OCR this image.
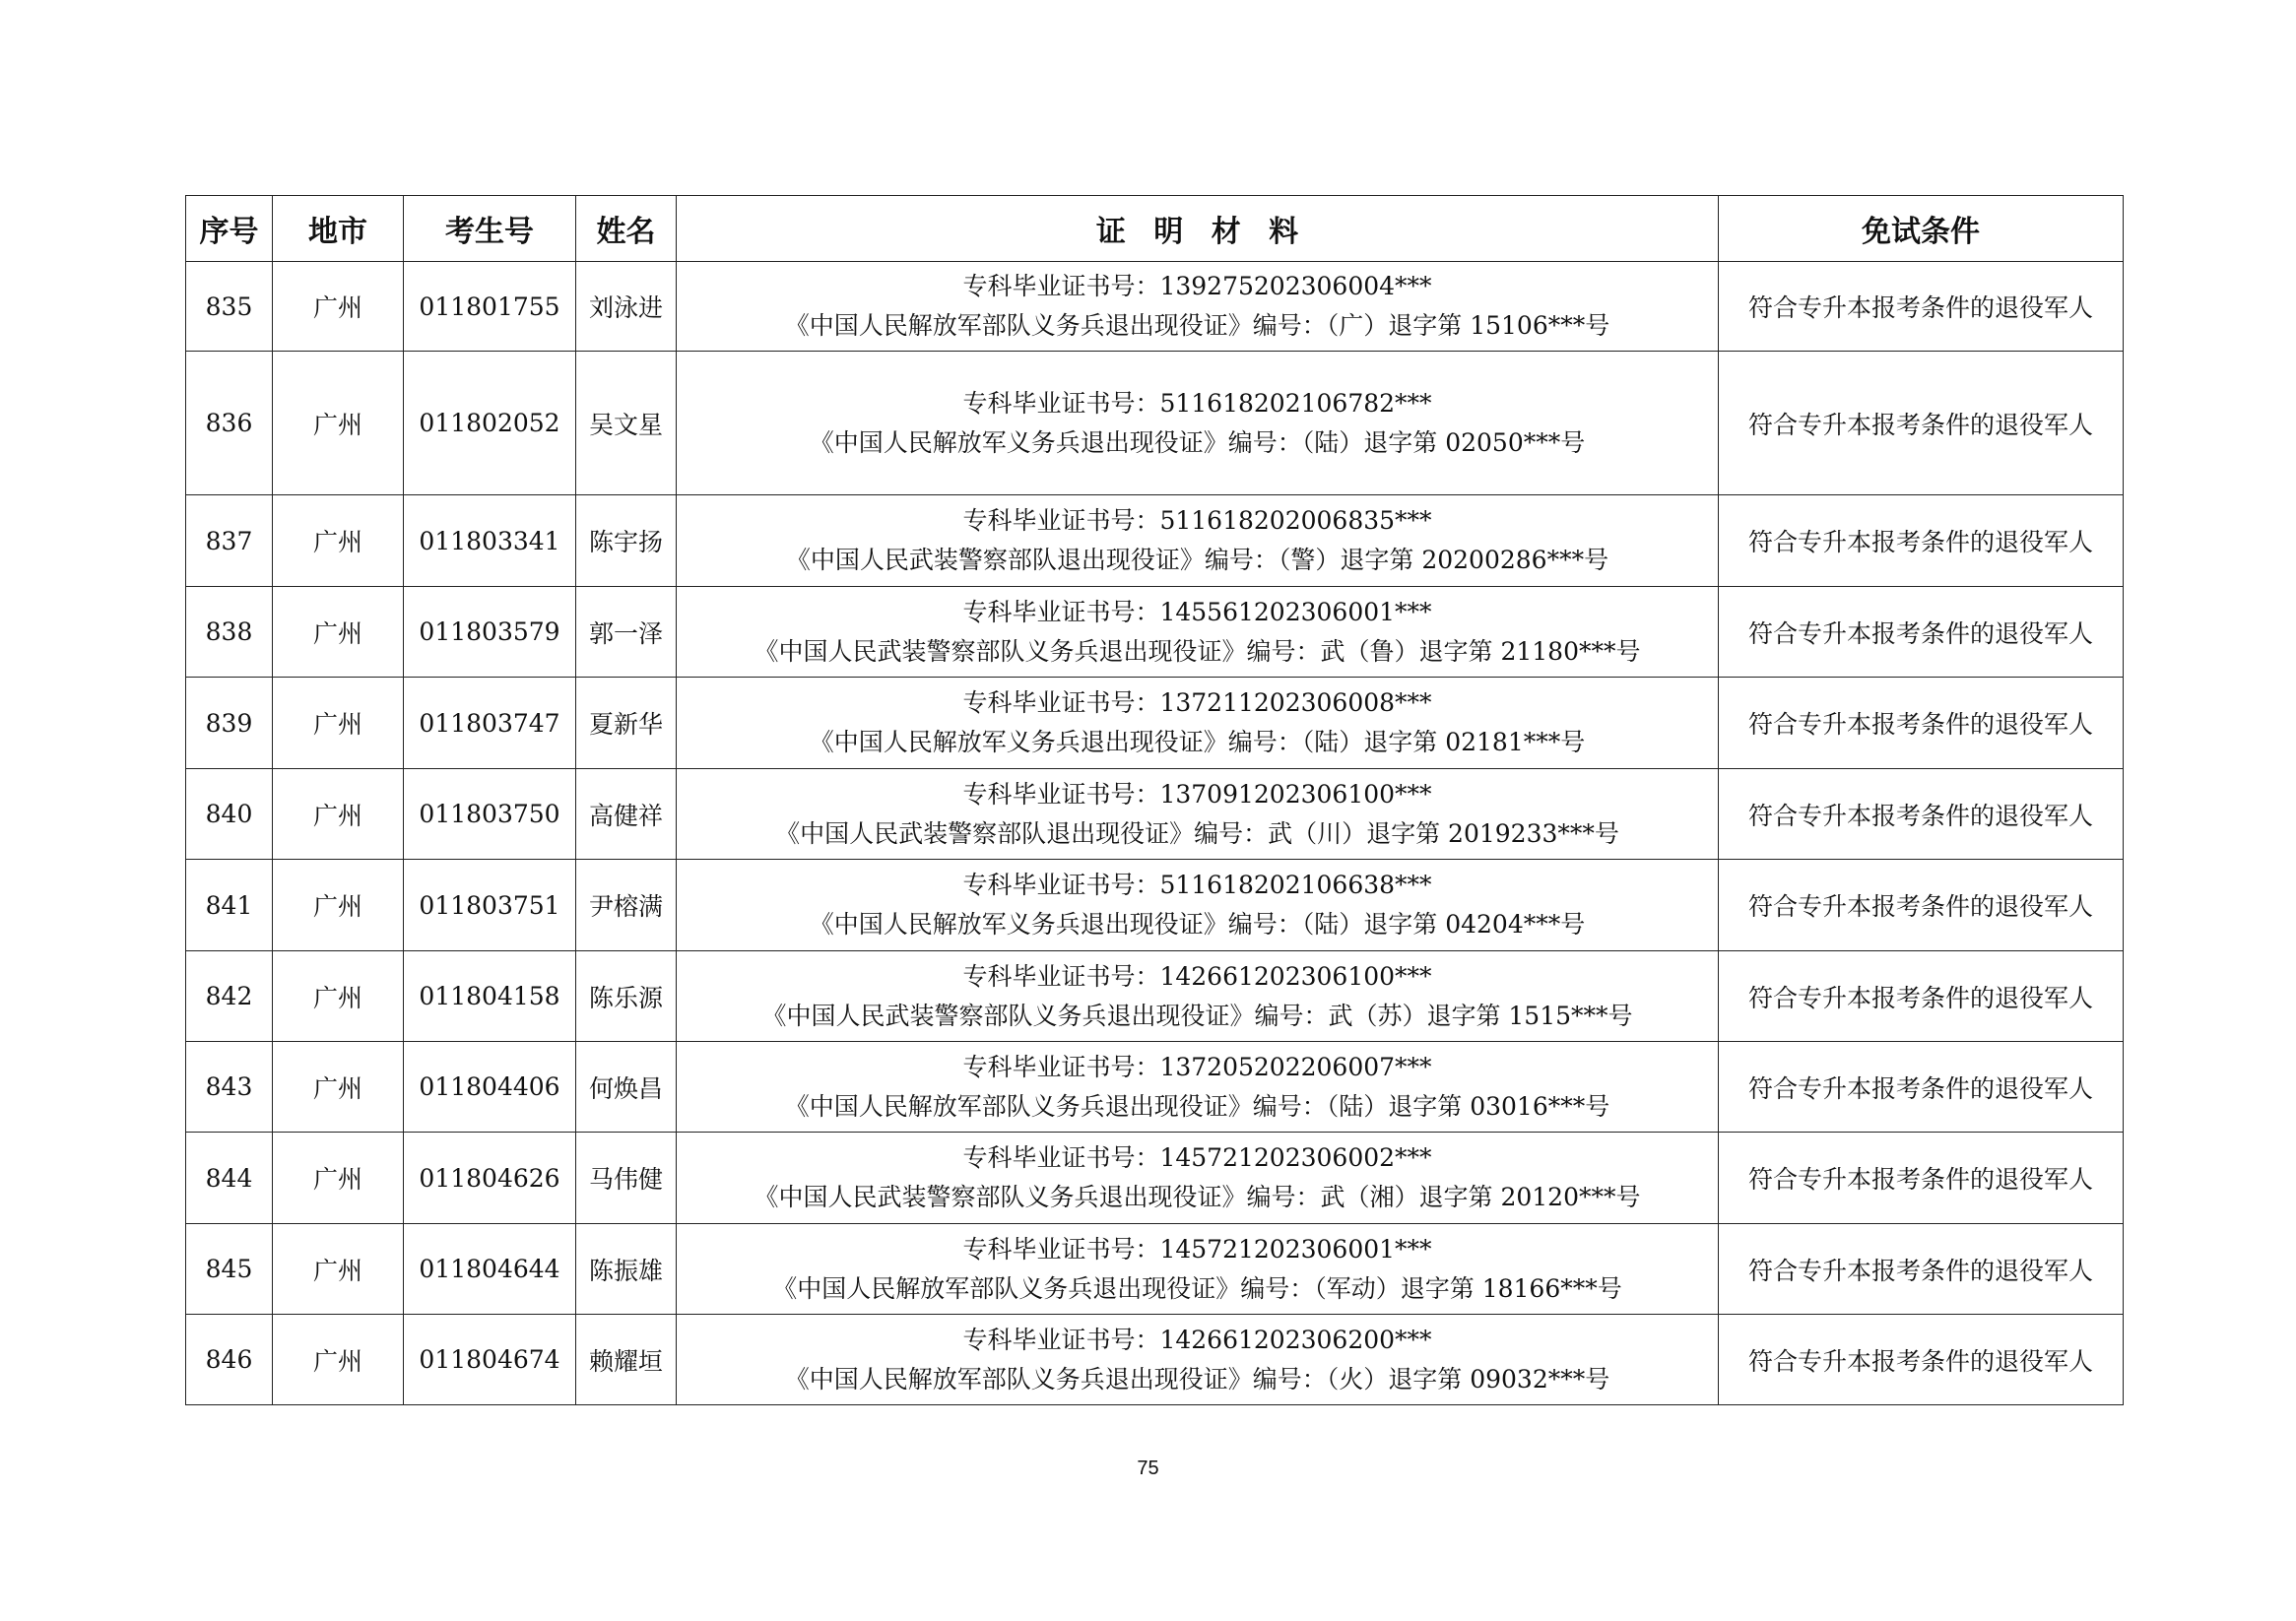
序号	地市	考生号	姓名	证 明 材 料	免试条件
835	广州	011801755	刘泳进	专科毕业证书号：139275202306004***
《中国人民解放军部队义务兵退出现役证》编号：（广）退字第 15106***号	符合专升本报考条件的退役军人
836	广州	011802052	吴文星	专科毕业证书号：511618202106782***
《中国人民解放军义务兵退出现役证》编号：（陆）退字第 02050***号	符合专升本报考条件的退役军人
837	广州	011803341	陈宇扬	专科毕业证书号：511618202006835***
《中国人民武装警察部队退出现役证》编号：（警）退字第 20200286***号	符合专升本报考条件的退役军人
838	广州	011803579	郭一泽	专科毕业证书号：145561202306001***
《中国人民武装警察部队义务兵退出现役证》编号：武（鲁）退字第 21180***号	符合专升本报考条件的退役军人
839	广州	011803747	夏新华	专科毕业证书号：137211202306008***
《中国人民解放军义务兵退出现役证》编号：（陆）退字第 02181***号	符合专升本报考条件的退役军人
840	广州	011803750	高健祥	专科毕业证书号：137091202306100***
《中国人民武装警察部队退出现役证》编号：武（川）退字第 2019233***号	符合专升本报考条件的退役军人
841	广州	011803751	尹榕满	专科毕业证书号：511618202106638***
《中国人民解放军义务兵退出现役证》编号：（陆）退字第 04204***号	符合专升本报考条件的退役军人
842	广州	011804158	陈乐源	专科毕业证书号：142661202306100***
《中国人民武装警察部队义务兵退出现役证》编号：武（苏）退字第 1515***号	符合专升本报考条件的退役军人
843	广州	011804406	何焕昌	专科毕业证书号：137205202206007***
《中国人民解放军部队义务兵退出现役证》编号：（陆）退字第 03016***号	符合专升本报考条件的退役军人
844	广州	011804626	马伟健	专科毕业证书号：145721202306002***
《中国人民武装警察部队义务兵退出现役证》编号：武（湘）退字第 20120***号	符合专升本报考条件的退役军人
845	广州	011804644	陈振雄	专科毕业证书号：145721202306001***
《中国人民解放军部队义务兵退出现役证》编号：（军动）退字第 18166***号	符合专升本报考条件的退役军人
846	广州	011804674	赖耀垣	专科毕业证书号：142661202306200***
《中国人民解放军部队义务兵退出现役证》编号：（火）退字第 09032***号	符合专升本报考条件的退役军人
75
